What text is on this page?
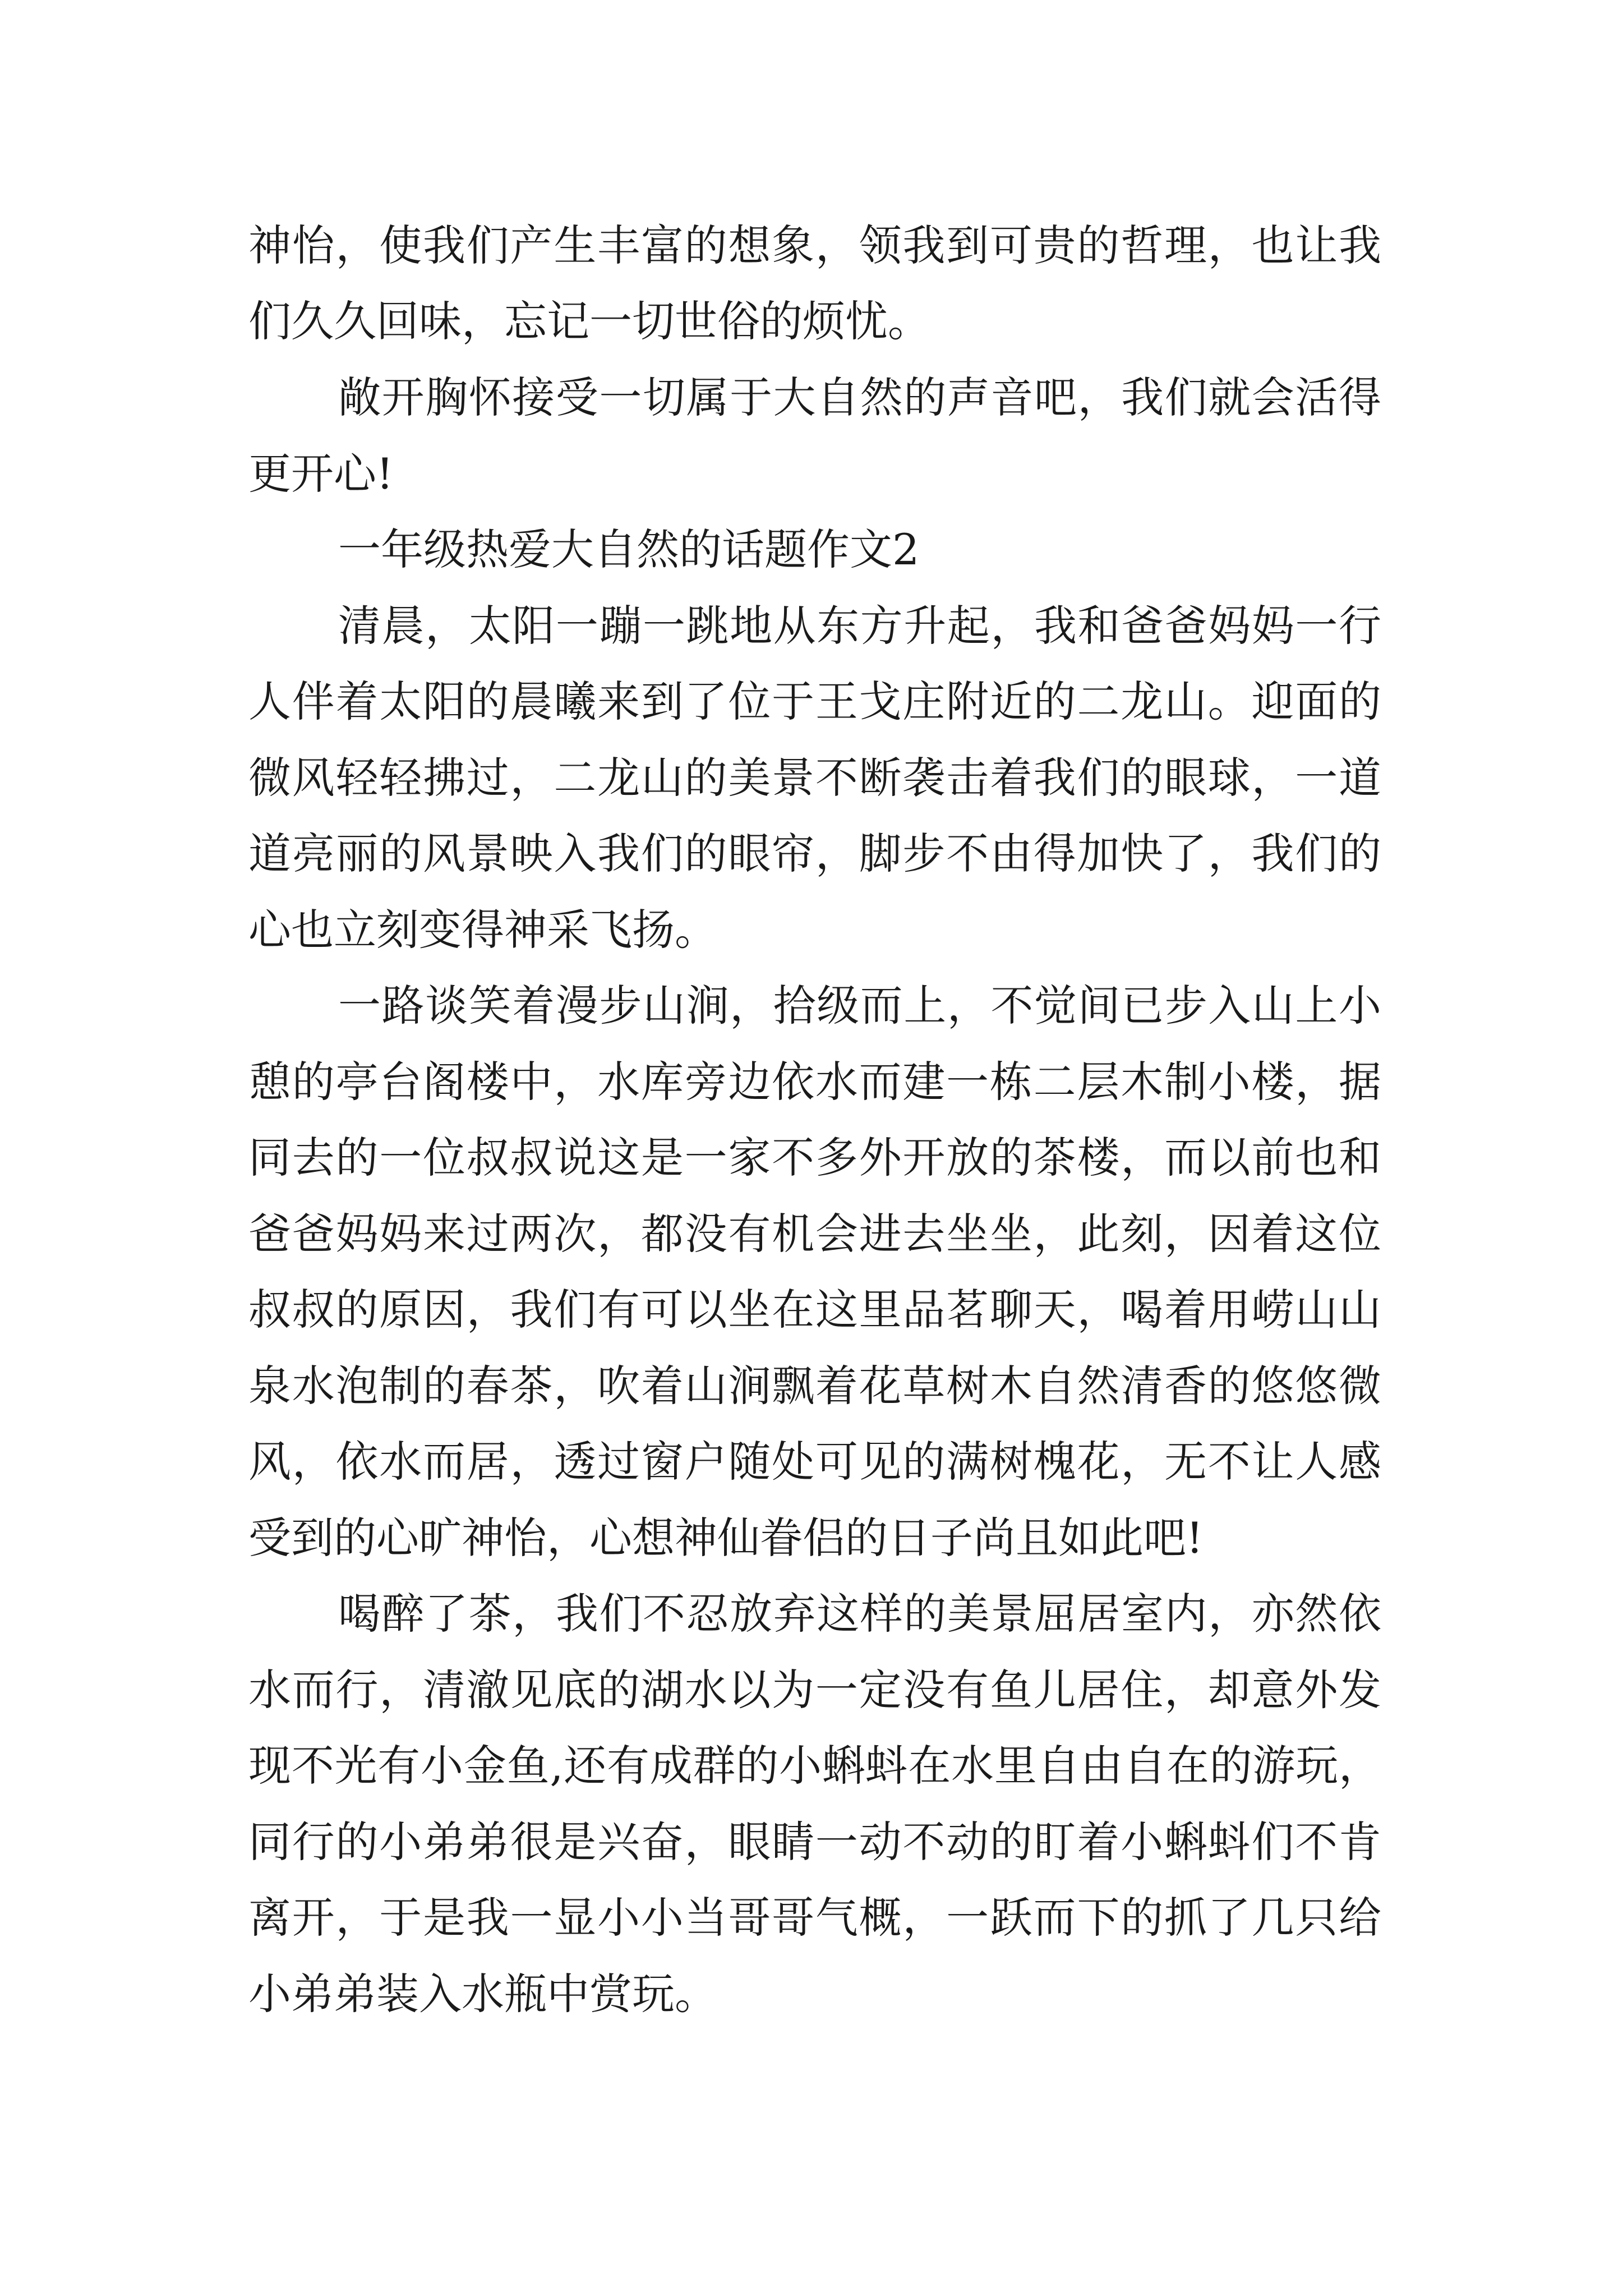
神怡，使我们产生丰富的想象，领我到可贵的哲理，也让我
们久久回味，忘记一切世俗的烦忧。
敞开胸怀接受一切属于大自然的声音吧，我们就会活得
更开心!
一年级热爱大自然的话题作文2
清晨，太阳一蹦一跳地从东方升起，我和爸爸妈妈一行
人伴着太阳的晨曦来到了位于王戈庄附近的二龙山。迎面的
微风轻轻拂过，二龙山的美景不断袭击着我们的眼球，一道
道亮丽的风景映入我们的眼帘，脚步不由得加快了，我们的
心也立刻变得神采飞扬。
一路谈笑着漫步山涧，拾级而上，不觉间已步入山上小
憩的亭台阁楼中，水库旁边依水而建一栋二层木制小楼，据
同去的一位叔叔说这是一家不多外开放的茶楼，而以前也和
爸爸妈妈来过两次，都没有机会进去坐坐，此刻，因着这位
叔叔的原因，我们有可以坐在这里品茗聊天，喝着用崂山山
泉水泡制的春茶，吹着山涧飘着花草树木自然清香的悠悠微
风，依水而居，透过窗户随处可见的满树槐花，无不让人感
受到的心旷神怡，心想神仙眷侣的日子尚且如此吧!
喝醉了茶，我们不忍放弃这样的美景屈居室内，亦然依
水而行，清澈见底的湖水以为一定没有鱼儿居住，却意外发
现不光有小金鱼,还有成群的小蝌蚪在水里自由自在的游玩，
同行的小弟弟很是兴奋，眼睛一动不动的盯着小蝌蚪们不肯
离开，于是我一显小小当哥哥气概，一跃而下的抓了几只给
小弟弟装入水瓶中赏玩。
